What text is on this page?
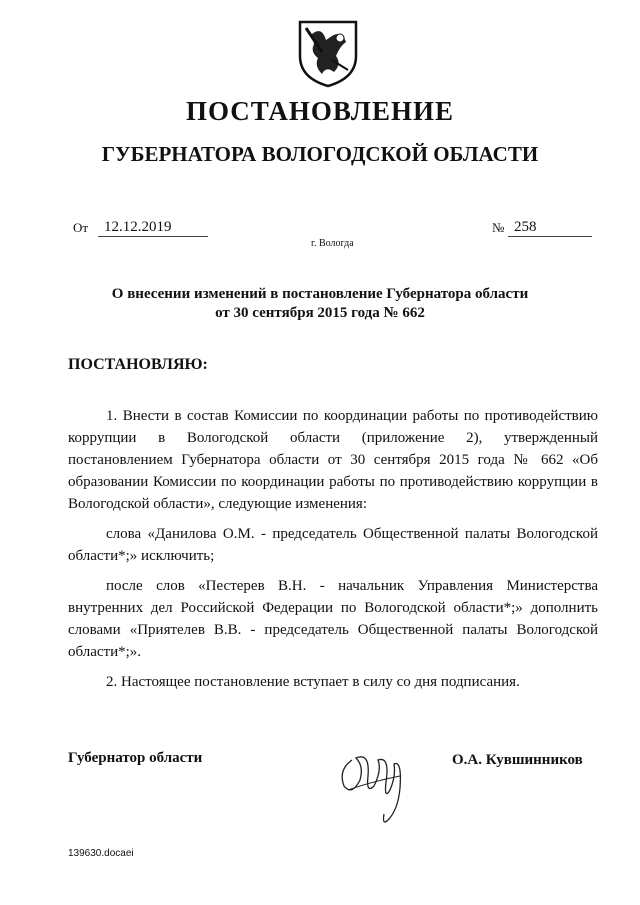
ПОСТАНОВЛЕНИЕ
ГУБЕРНАТОРА ВОЛОГОДСКОЙ ОБЛАСТИ
От	12.12.2019	№ 258
г. Вологда
О внесении изменений в постановление Губернатора области
от 30 сентября 2015 года № 662
ПОСТАНОВЛЯЮ:

1. Внести в состав Комиссии по координации работы по противодействию коррупции в Вологодской области (приложение 2), утвержденный постановлением Губернатора области от 30 сентября 2015 года № 662 «Об образовании Комиссии по координации работы по противодействию коррупции в Вологодской области», следующие изменения:

слова «Данилова О.М. - председатель Общественной палаты Вологодской области*;» исключить;

после слов «Пестерев В.Н. - начальник Управления Министерства внутренних дел Российской Федерации по Вологодской области*;» дополнить словами «Приятелев В.В. - председатель Общественной палаты Вологодской области*;».

2. Настоящее постановление вступает в силу со дня подписания.

Губернатор области	О.А. Кувшинников
139630.docaei
